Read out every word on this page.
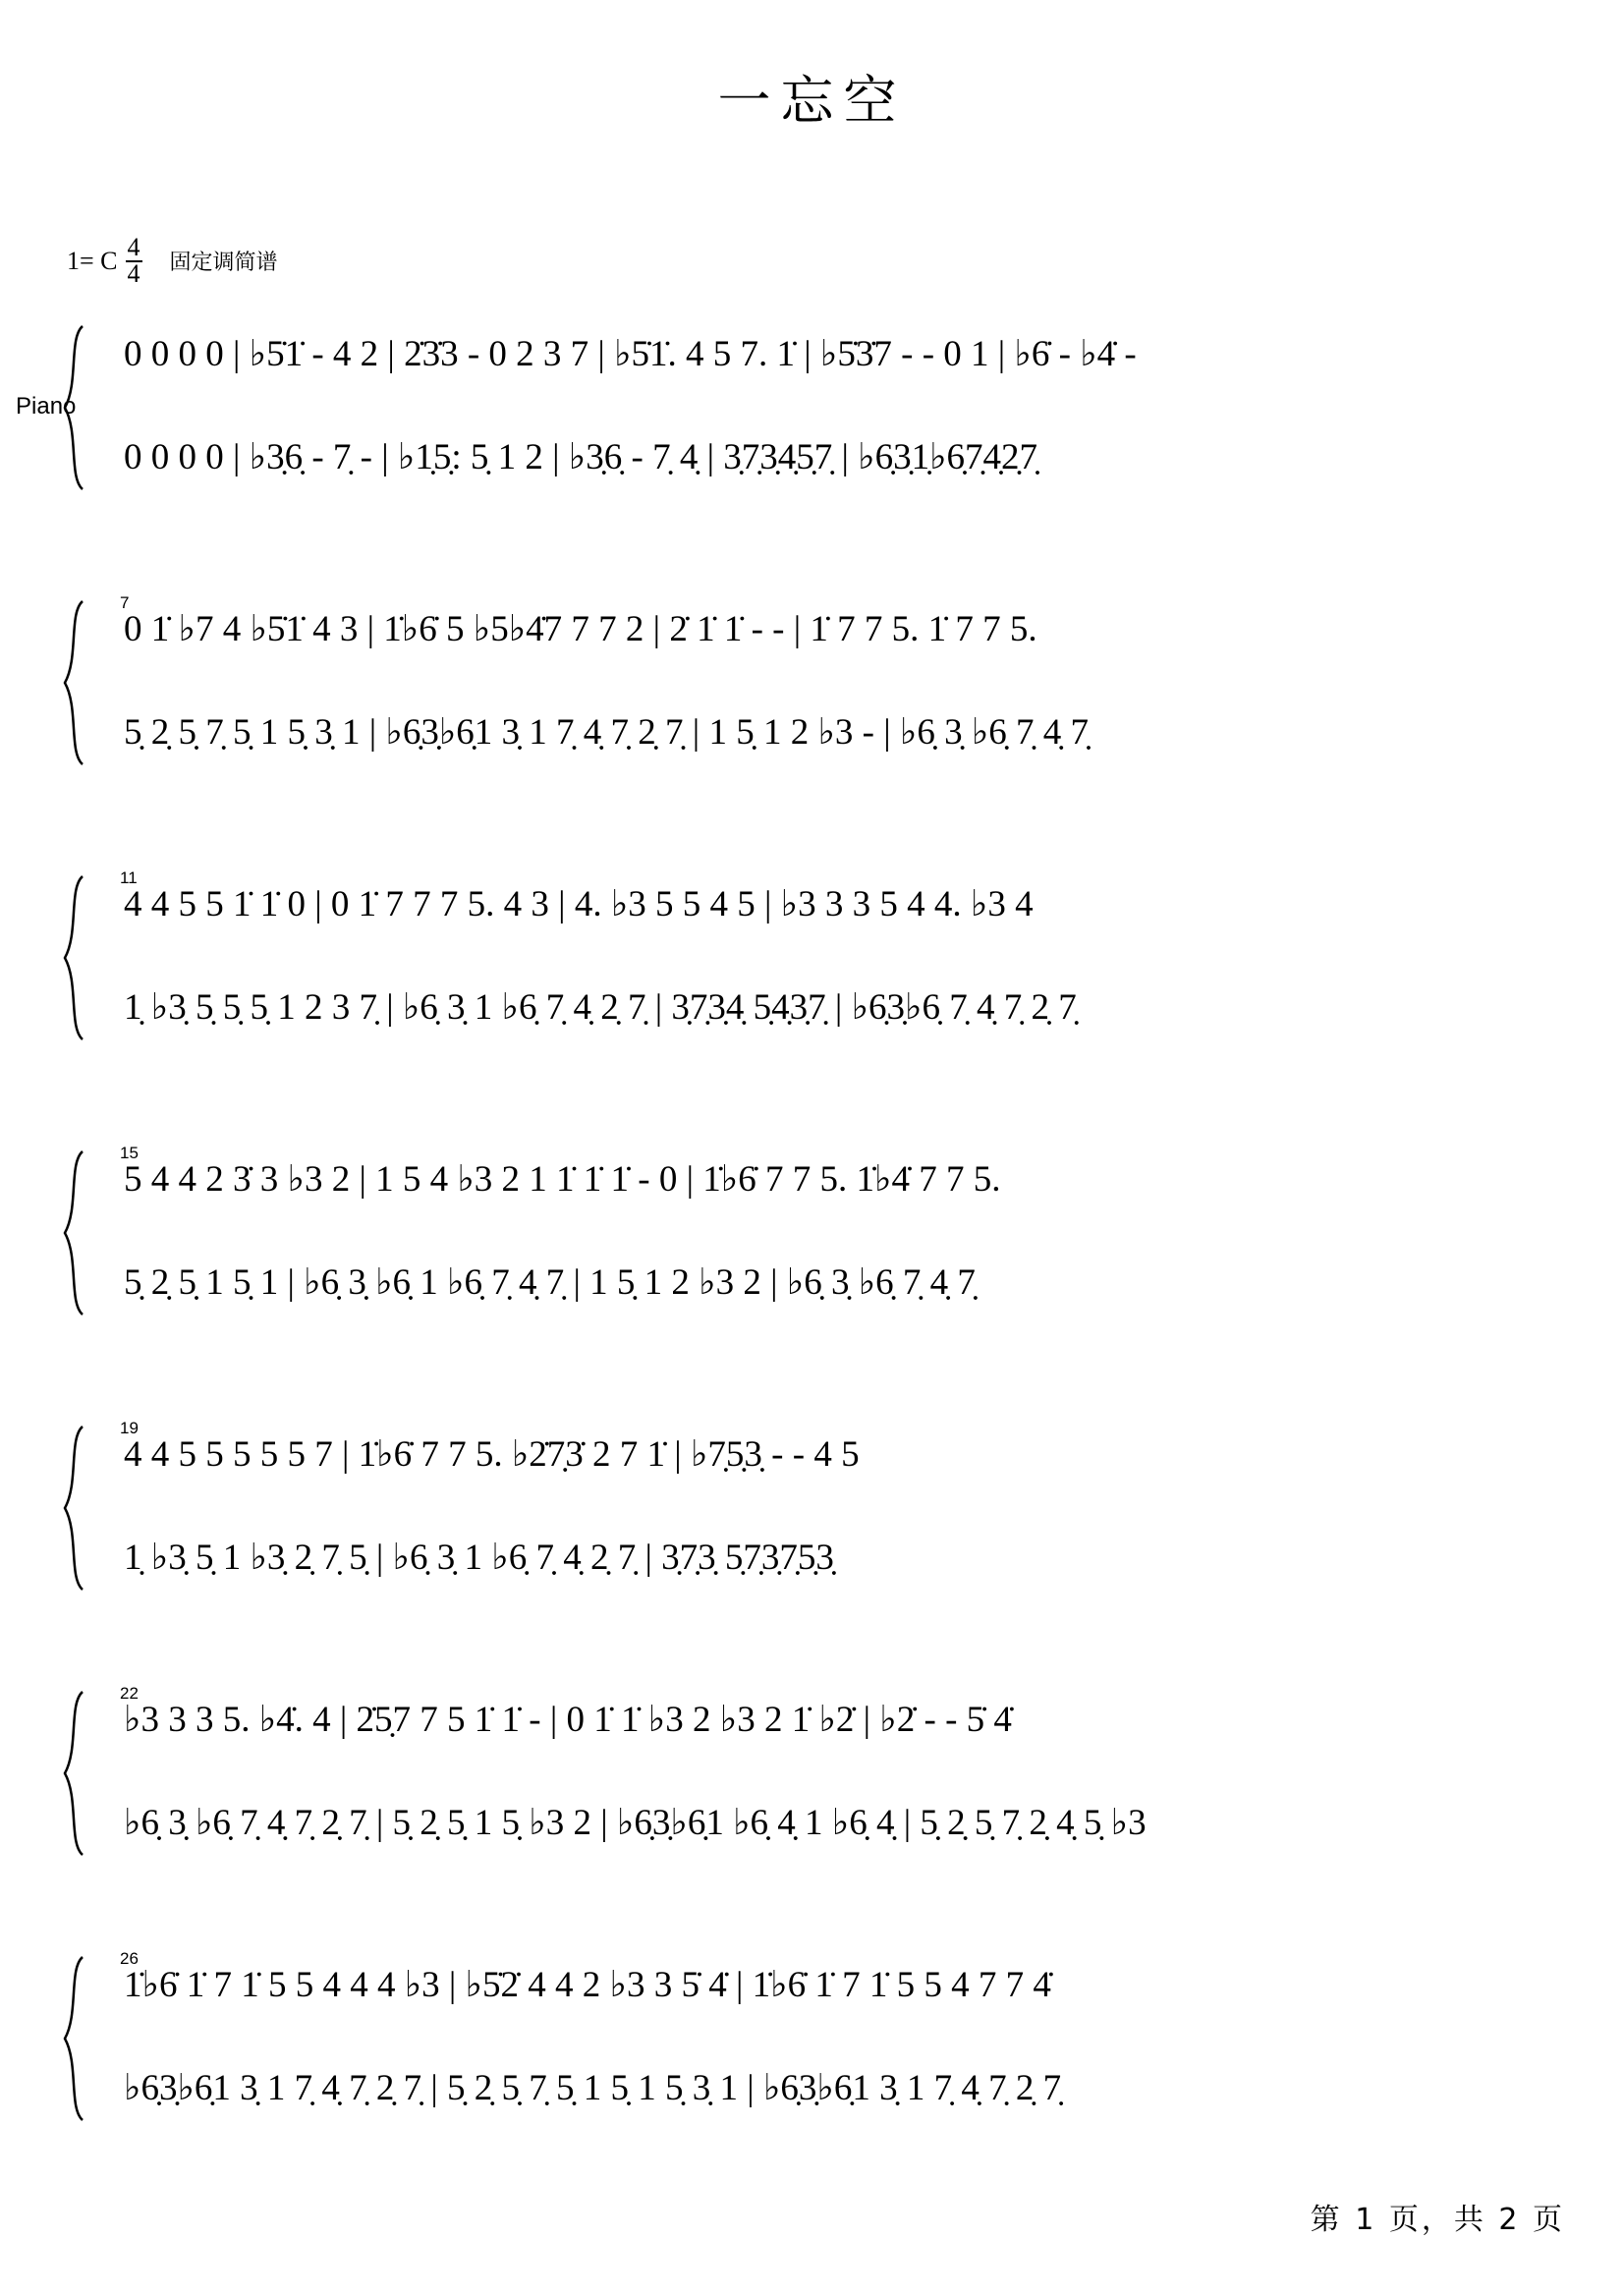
一忘空
1= C $\frac{4}{4}$ 固定调简谱
Piano
0 0 0 0 | ♭5̇1̇ - 4 2 | 2̇3̇3 - 0 2 3 7 | ♭5̇1̇. 4 5 7. 1̇ | ♭5̇3̇7 - - 0 1 | ♭6̇ - ♭4̇ -
0 0 0 0 | ♭3̣6̣ - 7̣ - | ♭1̣5̣: 5̣ 1 2 | ♭3̣6̣ - 7̣ 4̣ | 3̣7̣3̣4̣5̣7̣ | ♭6̣3̣1̣♭6̣7̣4̣2̣7̣
7
0 1̇ ♭7 4 ♭5̇1̇ 4 3 | 1̇♭6̇ 5 ♭5♭4̇7 7 7 2 | 2̇ 1̇ 1̇ - - | 1̇ 7 7 5. 1̇ 7 7 5.
5̣ 2̣ 5̣ 7̣ 5̣ 1 5̣ 3̣ 1 | ♭6̣3̣♭6̣1 3̣ 1 7̣ 4̣ 7̣ 2̣ 7̣ | 1 5̣ 1 2 ♭3 - | ♭6̣ 3̣ ♭6̣ 7̣ 4̣ 7̣
11
4 4 5 5 1̇ 1̇ 0 | 0 1̇ 7 7 7 5. 4 3 | 4. ♭3 5 5 4 5 | ♭3 3 3 5 4 4. ♭3 4
1̣ ♭3̣ 5̣ 5̣ 5̣ 1 2 3 7̣ | ♭6̣ 3̣ 1 ♭6̣ 7̣ 4̣ 2̣ 7̣ | 3̣7̣3̣4̣ 5̣4̣3̣7̣ | ♭6̣3̣♭6̣ 7̣ 4̣ 7̣ 2̣ 7̣
15
5 4 4 2 3̇ 3 ♭3 2 | 1 5 4 ♭3 2 1 1̇ 1̇ 1̇ - 0 | 1̇♭6̇ 7 7 5. 1̇♭4̇ 7 7 5.
5̣ 2̣ 5̣ 1 5̣ 1 | ♭6̣ 3̣ ♭6̣ 1 ♭6̣ 7̣ 4̣ 7̣ | 1 5̣ 1 2 ♭3 2 | ♭6̣ 3̣ ♭6̣ 7̣ 4̣ 7̣
19
4 4 5 5 5 5 5 7 | 1̇♭6̇ 7 7 5. ♭2̇7̣3̇ 2 7 1̇ | ♭7̣5̣3̣ - - 4 5
1̣ ♭3̣ 5̣ 1 ♭3̣ 2̣ 7̣ 5̣ | ♭6̣ 3̣ 1 ♭6̣ 7̣ 4̣ 2̣ 7̣ | 3̣7̣3̣ 5̣7̣3̣7̣5̣3̣
22
♭3 3 3 5. ♭4̇. 4 | 2̇5̣7 7 5 1̇ 1̇ - | 0 1̇ 1̇ ♭3 2 ♭3 2 1̇ ♭2̇ | ♭2̇ - - 5̇ 4̇
♭6̣ 3̣ ♭6̣ 7̣ 4̣ 7̣ 2̣ 7̣ | 5̣ 2̣ 5̣ 1 5̣ ♭3 2 | ♭6̣3̣♭6̣1 ♭6̣ 4̣ 1 ♭6̣ 4̣ | 5̣ 2̣ 5̣ 7̣ 2̣ 4̣ 5̣ ♭3
26
1̇♭6̇ 1̇ 7 1̇ 5 5 4 4 4 ♭3 | ♭5̇2̇ 4 4 2 ♭3 3 5̇ 4̇ | 1̇♭6̇ 1̇ 7 1̇ 5 5 4 7 7 4̇
♭6̣3̣♭6̣1 3̣ 1 7̣ 4̣ 7̣ 2̣ 7̣ | 5̣ 2̣ 5̣ 7̣ 5̣ 1 5̣ 1 5̣ 3̣ 1 | ♭6̣3̣♭6̣1 3̣ 1 7̣ 4̣ 7̣ 2̣ 7̣
第 1 页，共 2 页
